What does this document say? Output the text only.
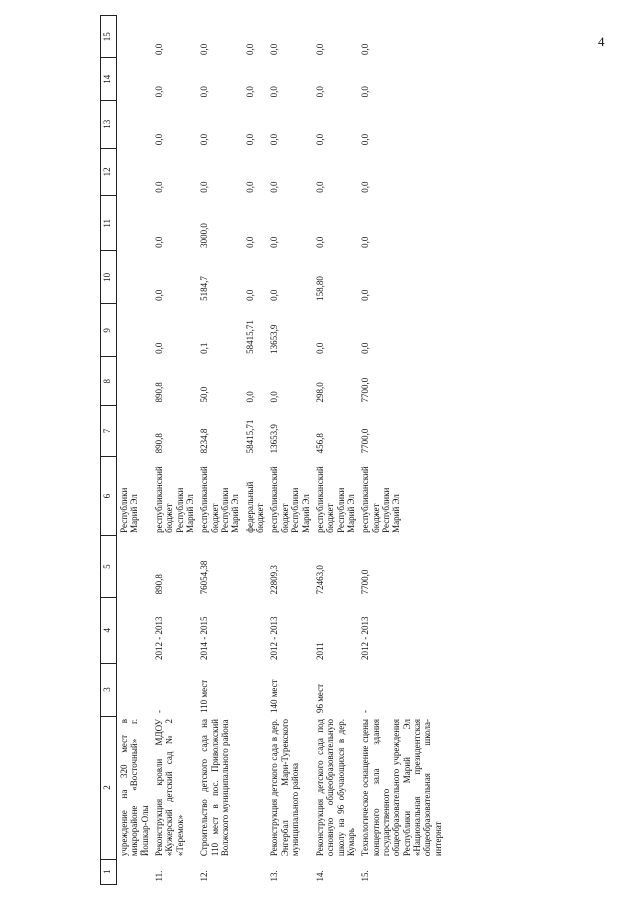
4
1	2	3	4	5	6	7	8	9	10	11	12	13	14	15
	учреждение на 320 мест в микрорайоне «Восточный» г. Йошкар-Олы				Республики Марий Эл									
11.	Реконструкция кровли МДОУ «Кужерский детский сад № 2 «Теремок»	-	2012 - 2013	890,8	республиканский бюджет Республики Марий Эл	890,8	890,8	0,0	0,0	0,0	0,0	0,0	0,0	0,0
12.	Строительство детского сада на 110 мест в пос. Приволжский Волжского муниципального района	110 мест	2014 - 2015	76054,38	республиканский бюджет Республики Марий Эл	8234,8	50,0	0,1	5184,7	3000,0	0,0	0,0	0,0	0,0
					федеральный бюджет	58415,71	0,0	58415,71	0,0	0,0	0,0	0,0	0,0	0,0
13.	Реконструкция детского сада в дер. Энгербал Мари-Турекского муниципального района	140 мест	2012 - 2013	22809,3	республиканский бюджет Республики Марий Эл	13653,9	0,0	13653,9	0,0	0,0	0,0	0,0	0,0	0,0
14.	Реконструкция детского сада под основную общеобразовательную школу на 96 обучающихся в дер. Кумарь	96 мест	2011	72463,0	республиканский бюджет Республики Марий Эл	456,8	298,0	0,0	158,80	0,0	0,0	0,0	0,0	0,0
15.	Технологическое оснащение сцены концертного зала здания государственного общеобразовательного учреждения Республики Марий Эл «Национальная президентская общеобразовательная школа-интернат	-	2012 - 2013	7700,0	республиканский бюджет Республики Марий Эл	7700,0	7700,0	0,0	0,0	0,0	0,0	0,0	0,0	0,0
